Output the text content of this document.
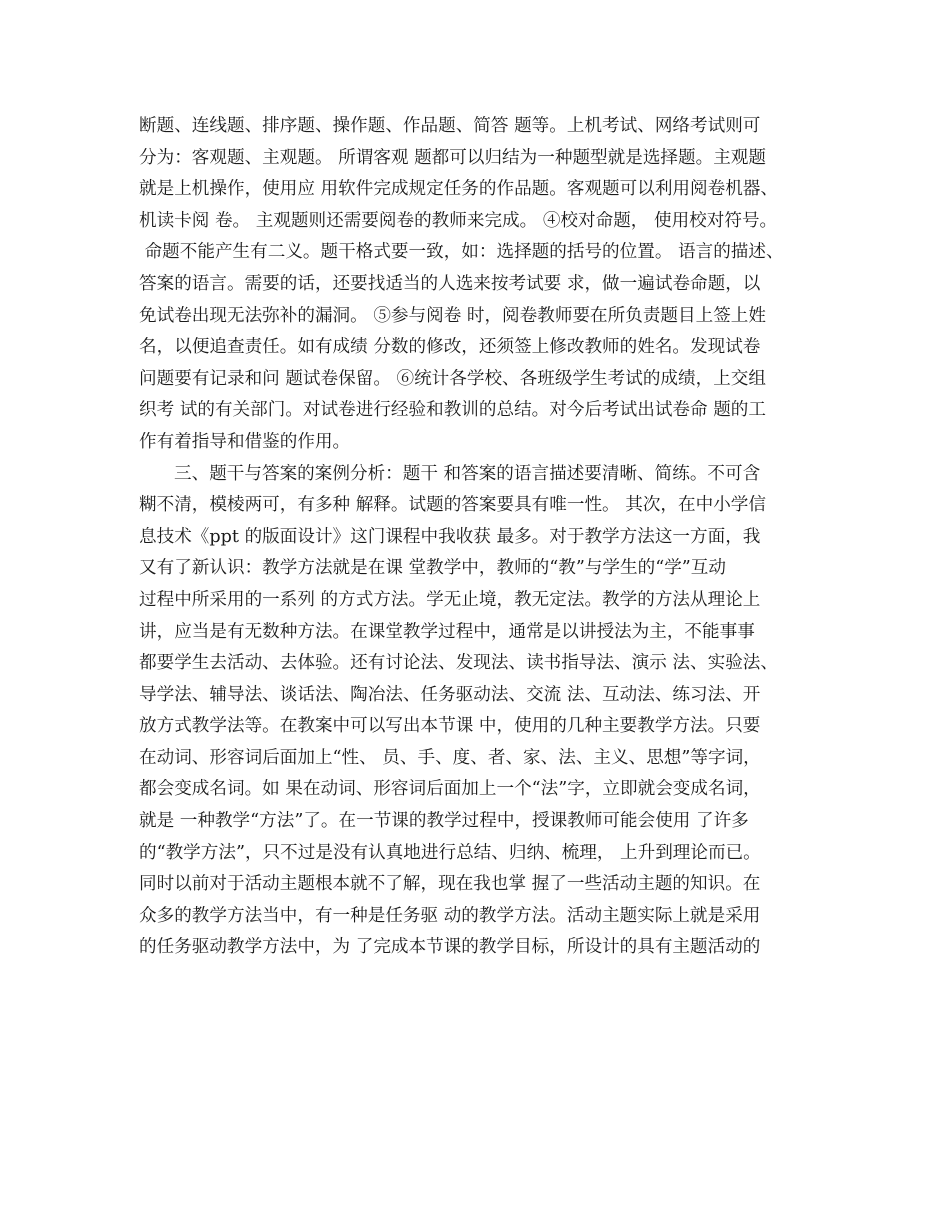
断题、连线题、排序题、操作题、作品题、简答 题等。上机考试、网络考试则可
分为：客观题、主观题。 所谓客观 题都可以归结为一种题型就是选择题。主观题
就是上机操作，使用应 用软件完成规定任务的作品题。客观题可以利用阅卷机器、
机读卡阅 卷。 主观题则还需要阅卷的教师来完成。 ④校对命题， 使用校对符号。
命题不能产生有二义。题干格式要一致，如：选择题的括号的位置。 语言的描述、
答案的语言。需要的话，还要找适当的人选来按考试要 求，做一遍试卷命题，以
免试卷出现无法弥补的漏洞。 ⑤参与阅卷 时，阅卷教师要在所负责题目上签上姓
名，以便追查责任。如有成绩 分数的修改，还须签上修改教师的姓名。发现试卷
问题要有记录和问 题试卷保留。 ⑥统计各学校、各班级学生考试的成绩，上交组
织考 试的有关部门。对试卷进行经验和教训的总结。对今后考试出试卷命 题的工
作有着指导和借鉴的作用。
三、题干与答案的案例分析：题干 和答案的语言描述要清晰、简练。不可含
糊不清，模棱两可，有多种 解释。试题的答案要具有唯一性。 其次，在中小学信
息技术《ppt 的版面设计》这门课程中我收获 最多。对于教学方法这一方面，我
又有了新认识：教学方法就是在课 堂教学中，教师的“教”与学生的“学”互动
过程中所采用的一系列 的方式方法。学无止境，教无定法。教学的方法从理论上
讲，应当是有无数种方法。在课堂教学过程中，通常是以讲授法为主，不能事事
都要学生去活动、去体验。还有讨论法、发现法、读书指导法、演示 法、实验法、
导学法、辅导法、谈话法、陶冶法、任务驱动法、交流 法、互动法、练习法、开
放方式教学法等。在教案中可以写出本节课 中，使用的几种主要教学方法。只要
在动词、形容词后面加上“性、 员、手、度、者、家、法、主义、思想”等字词，
都会变成名词。如 果在动词、形容词后面加上一个“法”字，立即就会变成名词，
就是 一种教学“方法”了。在一节课的教学过程中，授课教师可能会使用 了许多
的“教学方法”，只不过是没有认真地进行总结、归纳、梳理， 上升到理论而已。
同时以前对于活动主题根本就不了解，现在我也掌 握了一些活动主题的知识。在
众多的教学方法当中，有一种是任务驱 动的教学方法。活动主题实际上就是采用
的任务驱动教学方法中，为 了完成本节课的教学目标，所设计的具有主题活动的
